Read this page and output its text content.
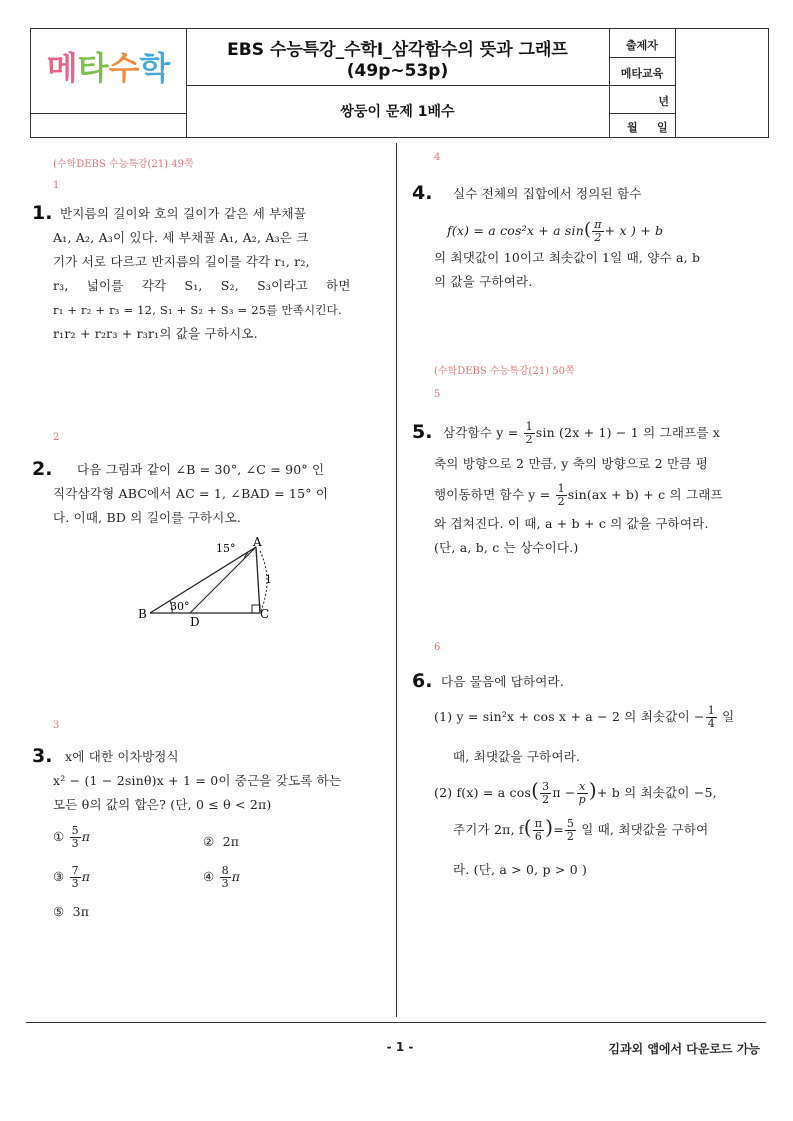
메타수학	EBS 수능특강_수학I_삼각함수의 뜻과 그래프
(49p~53p)
쌍둥이 문제 1배수
출제자
메타교육
년
월 일
(수학DEBS 수능특강(21) 49쪽
1
1. 반지름의 길이와 호의 길이가 같은 세 부채꼴
A₁, A₂, A₃이 있다. 세 부채꼴 A₁, A₂, A₃은 크
기가 서로 다르고 반지름의 길이를 각각 r₁, r₂,
r₃, 넓이를 각각 S₁, S₂, S₃이라고 하면
r₁ + r₂ + r₃ = 12, S₁ + S₂ + S₃ = 25를 만족시킨다.
r₁r₂ + r₂r₃ + r₃r₁의 값을 구하시오.
2
2. 다음 그림과 같이 ∠B = 30°, ∠C = 90° 인
직각삼각형 ABC에서 AC = 1, ∠BAD = 15° 이
다. 이때, BD 의 길이를 구하시오.
A
B	C
D
15°
30°
1
3
3. x에 대한 이차방정식
x² − (1 − 2sinθ)x + 1 = 0이 중근을 갖도록 하는
모든 θ의 값의 합은? (단, 0 ≤ θ < 2π)
① $\frac{5}{3}$ π	② 2π
③ $\frac{7}{3}$ π	④ $\frac{8}{3}$ π
⑤ 3π
4
4. 실수 전체의 집합에서 정의된 함수
f(x) = a cos²x + a $\sin( \frac{\pi}{2} + x$ ) + b
의 최댓값이 10이고 최솟값이 1일 때, 양수 a, b
의 값을 구하여라.
(수학DEBS 수능특강(21) 50쪽
5
5. 삼각함수 $y = \frac{1}{2}$ sin (2x + 1) − 1 의 그래프를 x
축의 방향으로 2 만큼, y 축의 방향으로 2 만큼 평
행이동하면 함수 $y = \frac{1}{2} \sin(ax + b) + c$ 의 그래프
와 겹쳐진다. 이 때, a + b + c 의 값을 구하여라.
(단, a, b, c 는 상수이다.)
6
6. 다음 물음에 답하여라.
(1) y = sin²x + cos x + a − 2 의 최솟값이 − $\frac{1}{4}$ 일
때, 최댓값을 구하여라.
(2) f(x) = a $\cos( \frac{3}{2}$ $\pi - \frac{x}{p}$ )+ b 의 최솟값이 −5,
주기가 2π, $f( \frac{\pi}{6}$ )= $\frac{5}{2}$ 일 때, 최댓값을 구하여
라. (단, a > 0, p > 0 )
- 1 -	김과외 앱에서 다운로드 가능
